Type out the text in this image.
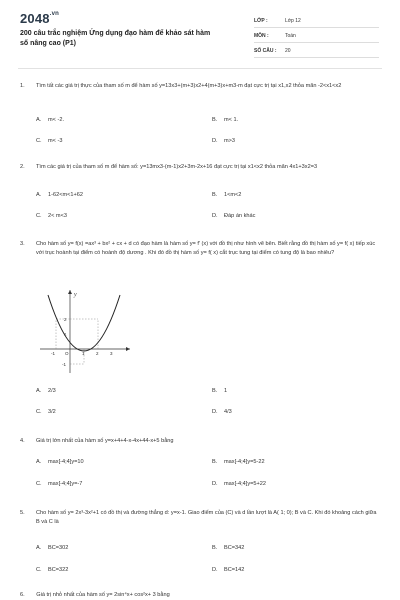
$2048^{.vn}$
200 câu trắc nghiệm Ứng dụng đạo hàm để khảo sát hàm số nâng cao (P1)
LỚP :	Lớp 12
MÔN :	Toán
SỐ CÂU : 20
1. Tìm tất các giá trị thực của tham số m để hàm số y=13x3+(m+3)x2+4(m+3)x+m3-m đạt cực trị tại x1,x2 thỏa mãn -2<x1<x2
A. m< -2.	B. m< 1.
C. m< -3	D. m>3
2. Tìm các giá trị của tham số m để hàm số: y=13mx3-(m-1)x2+3m-2x+16 đạt cực trị tại x1<x2 thỏa mãn 4x1+3x2=3
A. 1-62<m<1+62	B. 1<m<2
C. 2< m<3	D. Đáp án khác
3. Cho hàm số y= f(x) =ax³ + bx² + cx + d có đạo hàm là hàm số y= f' (x) với đồ thị như hình vẽ bên. Biết rằng đồ thị hàm số y= f( x) tiếp xúc với trục hoành tại điểm có hoành độ dương . Khi đó đồ thị hàm số y= f( x) cắt trục tung tại điểm có tung độ là bao nhiêu?
y
2
1
-1
-1 O	1	2	3
A. 2/3	B. 1
C. 3/2	D. 4/3
4. Giá trị lớn nhất của hàm số y=x+4+4-x-4x+44-x+5 bằng
A. max[-4;4]y=10	B. max[-4;4]y=5-22
C. max[-4;4]y=-7	D. max[-4;4]y=5+22
5. Cho hàm số y= 2x³-3x²+1 có đồ thị và đường thẳng d: y=x-1. Giao điểm của (C) và d lần lượt là A( 1; 0); B và C. Khi đó khoảng cách giữa B và C là
A. BC=302	B. BC=342
C. BC=322	D. BC=142
6. Giá trị nhỏ nhất của hàm số y= 2sin⁴x+ cos²x+ 3 bằng
